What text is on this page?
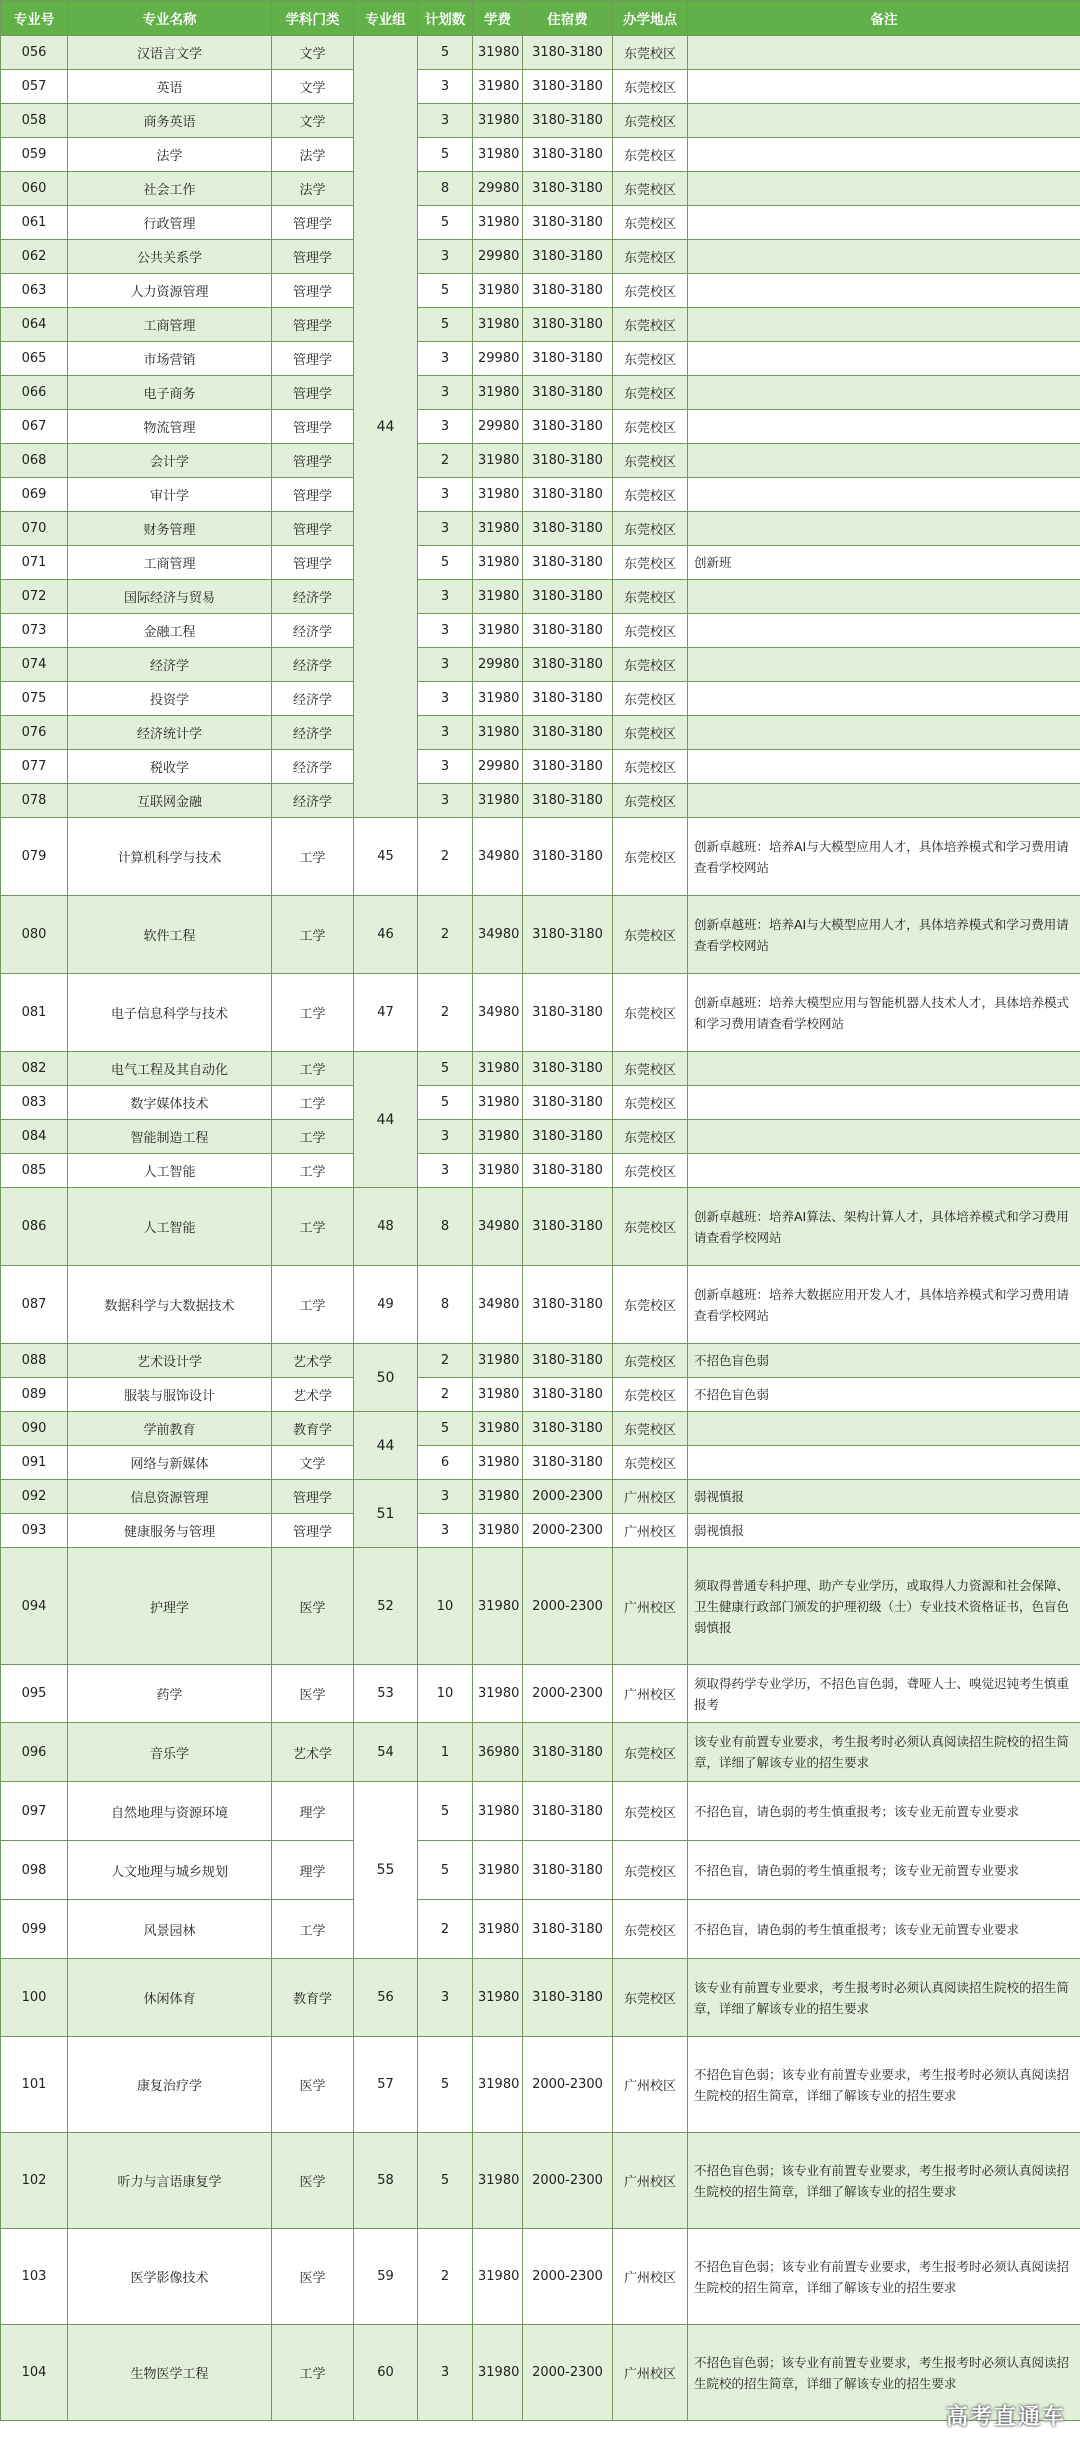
专业号	专业名称	学科门类	专业组	计划数	学费	住宿费	办学地点	备注
056	汉语言文学	文学	44	5	31980	3180-3180	东莞校区	
057	英语	文学		3	31980	3180-3180	东莞校区	
058	商务英语	文学		3	31980	3180-3180	东莞校区	
059	法学	法学		5	31980	3180-3180	东莞校区	
060	社会工作	法学		8	29980	3180-3180	东莞校区	
061	行政管理	管理学		5	31980	3180-3180	东莞校区	
062	公共关系学	管理学		3	29980	3180-3180	东莞校区	
063	人力资源管理	管理学		5	31980	3180-3180	东莞校区	
064	工商管理	管理学		5	31980	3180-3180	东莞校区	
065	市场营销	管理学		3	29980	3180-3180	东莞校区	
066	电子商务	管理学		3	31980	3180-3180	东莞校区	
067	物流管理	管理学		3	29980	3180-3180	东莞校区	
068	会计学	管理学		2	31980	3180-3180	东莞校区	
069	审计学	管理学		3	31980	3180-3180	东莞校区	
070	财务管理	管理学		3	31980	3180-3180	东莞校区	
071	工商管理	管理学		5	31980	3180-3180	东莞校区	创新班
072	国际经济与贸易	经济学		3	31980	3180-3180	东莞校区	
073	金融工程	经济学		3	31980	3180-3180	东莞校区	
074	经济学	经济学		3	29980	3180-3180	东莞校区	
075	投资学	经济学		3	31980	3180-3180	东莞校区	
076	经济统计学	经济学		3	31980	3180-3180	东莞校区	
077	税收学	经济学		3	29980	3180-3180	东莞校区	
078	互联网金融	经济学		3	31980	3180-3180	东莞校区	
079	计算机科学与技术	工学	45	2	34980	3180-3180	东莞校区	创新卓越班：培养AI与大模型应用人才，具体培养模式和学习费用请查看学校网站
080	软件工程	工学	46	2	34980	3180-3180	东莞校区	创新卓越班：培养AI与大模型应用人才，具体培养模式和学习费用请查看学校网站
081	电子信息科学与技术	工学	47	2	34980	3180-3180	东莞校区	创新卓越班：培养大模型应用与智能机器人技术人才，具体培养模式和学习费用请查看学校网站
082	电气工程及其自动化	工学	44	5	31980	3180-3180	东莞校区	
083	数字媒体技术	工学		5	31980	3180-3180	东莞校区	
084	智能制造工程	工学		3	31980	3180-3180	东莞校区	
085	人工智能	工学		3	31980	3180-3180	东莞校区	
086	人工智能	工学	48	8	34980	3180-3180	东莞校区	创新卓越班：培养AI算法、架构计算人才，具体培养模式和学习费用请查看学校网站
087	数据科学与大数据技术	工学	49	8	34980	3180-3180	东莞校区	创新卓越班：培养大数据应用开发人才，具体培养模式和学习费用请查看学校网站
088	艺术设计学	艺术学	50	2	31980	3180-3180	东莞校区	不招色盲色弱
089	服装与服饰设计	艺术学		2	31980	3180-3180	东莞校区	不招色盲色弱
090	学前教育	教育学	44	5	31980	3180-3180	东莞校区	
091	网络与新媒体	文学		6	31980	3180-3180	东莞校区	
092	信息资源管理	管理学	51	3	31980	2000-2300	广州校区	弱视慎报
093	健康服务与管理	管理学		3	31980	2000-2300	广州校区	弱视慎报
094	护理学	医学	52	10	31980	2000-2300	广州校区	须取得普通专科护理、助产专业学历，或取得人力资源和社会保障、卫生健康行政部门颁发的护理初级（士）专业技术资格证书，色盲色弱慎报
095	药学	医学	53	10	31980	2000-2300	广州校区	须取得药学专业学历，不招色盲色弱，聋哑人士、嗅觉迟钝考生慎重报考
096	音乐学	艺术学	54	1	36980	3180-3180	东莞校区	该专业有前置专业要求，考生报考时必须认真阅读招生院校的招生简章，详细了解该专业的招生要求
097	自然地理与资源环境	理学	55	5	31980	3180-3180	东莞校区	不招色盲，请色弱的考生慎重报考；该专业无前置专业要求
098	人文地理与城乡规划	理学		5	31980	3180-3180	东莞校区	不招色盲，请色弱的考生慎重报考；该专业无前置专业要求
099	风景园林	工学		2	31980	3180-3180	东莞校区	不招色盲，请色弱的考生慎重报考；该专业无前置专业要求
100	休闲体育	教育学	56	3	31980	3180-3180	东莞校区	该专业有前置专业要求，考生报考时必须认真阅读招生院校的招生简章，详细了解该专业的招生要求
101	康复治疗学	医学	57	5	31980	2000-2300	广州校区	不招色盲色弱；该专业有前置专业要求，考生报考时必须认真阅读招生院校的招生简章，详细了解该专业的招生要求
102	听力与言语康复学	医学	58	5	31980	2000-2300	广州校区	不招色盲色弱；该专业有前置专业要求，考生报考时必须认真阅读招生院校的招生简章，详细了解该专业的招生要求
103	医学影像技术	医学	59	2	31980	2000-2300	广州校区	不招色盲色弱；该专业有前置专业要求，考生报考时必须认真阅读招生院校的招生简章，详细了解该专业的招生要求
104	生物医学工程	工学	60	3	31980	2000-2300	广州校区	不招色盲色弱；该专业有前置专业要求，考生报考时必须认真阅读招生院校的招生简章，详细了解该专业的招生要求
高考直通车
